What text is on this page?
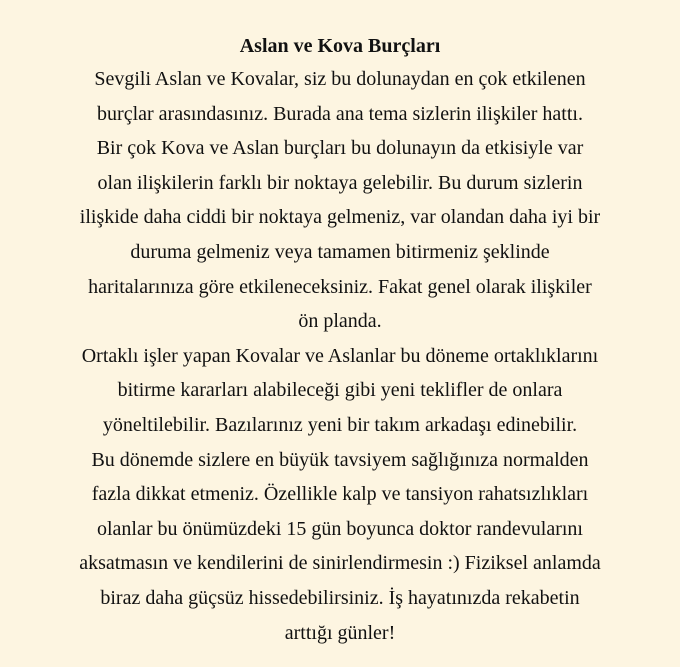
Aslan ve Kova Burçları

Sevgili Aslan ve Kovalar, siz bu dolunaydan en çok etkilenen

burçlar arasındasınız. Burada ana tema sizlerin ilişkiler hattı.

Bir çok Kova ve Aslan burçları bu dolunayın da etkisiyle var

olan ilişkilerin farklı bir noktaya gelebilir. Bu durum sizlerin

ilişkide daha ciddi bir noktaya gelmeniz, var olandan daha iyi bir

duruma gelmeniz veya tamamen bitirmeniz şeklinde

haritalarınıza göre etkileneceksiniz. Fakat genel olarak ilişkiler

ön planda.

Ortaklı işler yapan Kovalar ve Aslanlar bu döneme ortaklıklarını

bitirme kararları alabileceği gibi yeni teklifler de onlara

yöneltilebilir. Bazılarınız yeni bir takım arkadaşı edinebilir.

Bu dönemde sizlere en büyük tavsiyem sağlığınıza normalden

fazla dikkat etmeniz. Özellikle kalp ve tansiyon rahatsızlıkları

olanlar bu önümüzdeki 15 gün boyunca doktor randevularını

aksatmasın ve kendilerini de sinirlendirmesin :) Fiziksel anlamda

biraz daha güçsüz hissedebilirsiniz. İş hayatınızda rekabetin

arttığı günler!
